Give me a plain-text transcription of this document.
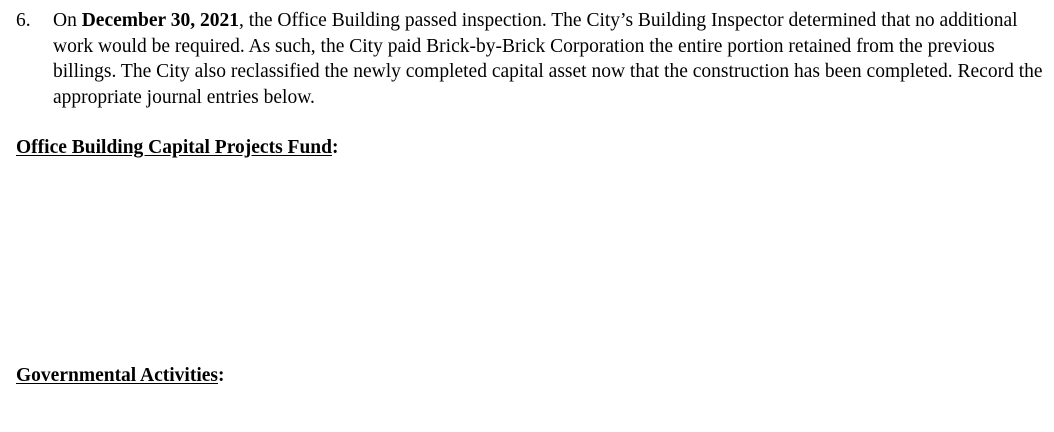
6.	On December 30, 2021, the Office Building passed inspection. The City’s Building Inspector determined that no additional work would be required. As such, the City paid Brick-by-Brick Corporation the entire portion retained from the previous billings. The City also reclassified the newly completed capital asset now that the construction has been completed. Record the appropriate journal entries below.
Office Building Capital Projects Fund:
Governmental Activities:
